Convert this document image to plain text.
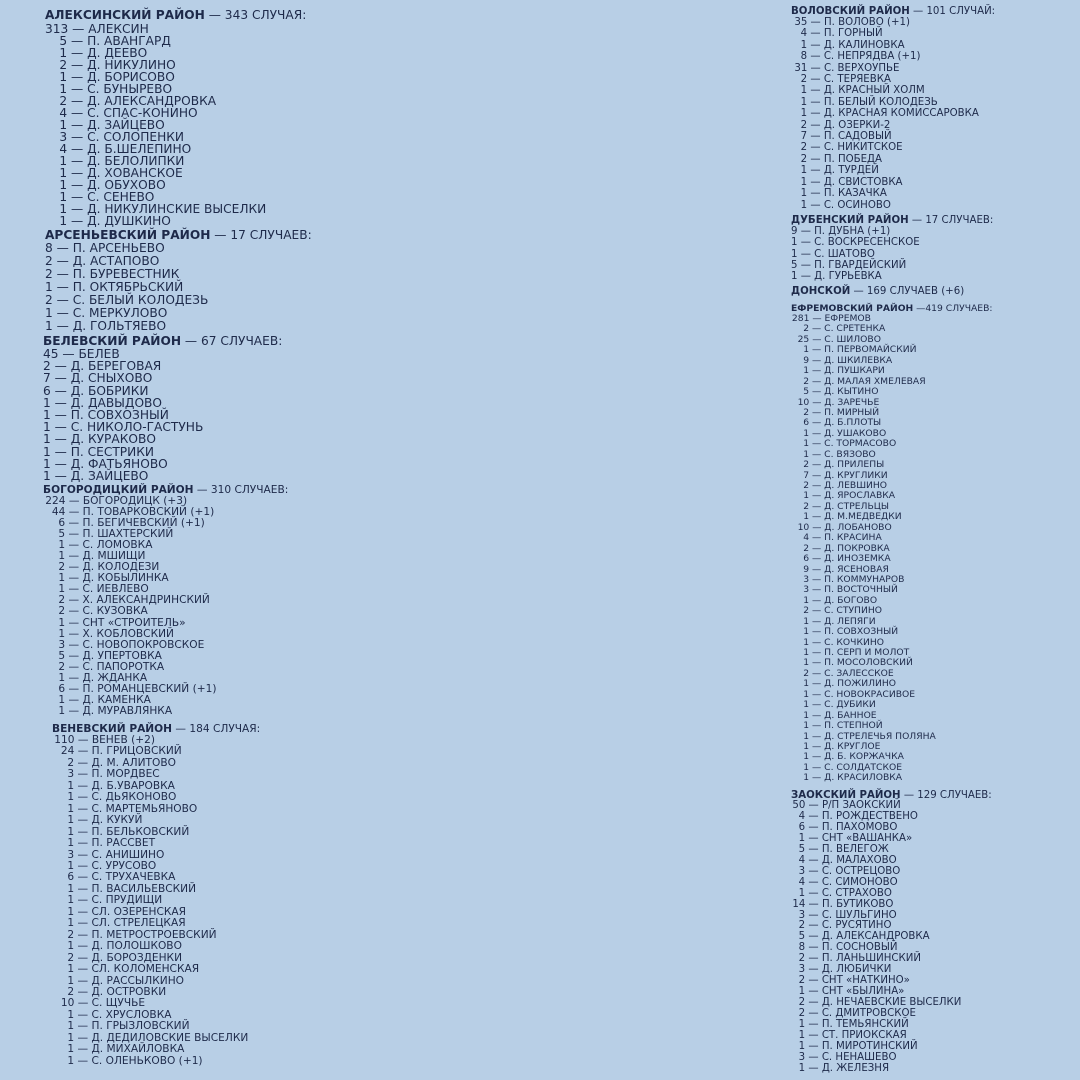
АЛЕКСИНСКИЙ РАЙОН — 343 СЛУЧАЯ:
313 — АЛЕКСИН
5 — П. АВАНГАРД
1 — Д. ДЕЕВО
2 — Д. НИКУЛИНО
1 — Д. БОРИСОВО
1 — С. БУНЫРЕВО
2 — Д. АЛЕКСАНДРОВКА
4 — С. СПАС-КОНИНО
1 — Д. ЗАЙЦЕВО
3 — С. СОЛОПЕНКИ
4 — Д. Б.ШЕЛЕПИНО
1 — Д. БЕЛОЛИПКИ
1 — Д. ХОВАНСКОЕ
1 — Д. ОБУХОВО
1 — С. СЕНЕВО
1 — Д. НИКУЛИНСКИЕ ВЫСЕЛКИ
1 — Д. ДУШКИНО
АРСЕНЬЕВСКИЙ РАЙОН — 17 СЛУЧАЕВ:
8 — П. АРСЕНЬЕВО
2 — Д. АСТАПОВО
2 — П. БУРЕВЕСТНИК
1 — П. ОКТЯБРЬСКИЙ
2 — С. БЕЛЫЙ КОЛОДЕЗЬ
1 — С. МЕРКУЛОВО
1 — Д. ГОЛЬТЯЕВО
БЕЛЕВСКИЙ РАЙОН — 67 СЛУЧАЕВ:
45 — БЕЛЕВ
2 — Д. БЕРЕГОВАЯ
7 — Д. СНЫХОВО
6 — Д. БОБРИКИ
1 — Д. ДАВЫДОВО
1 — П. СОВХОЗНЫЙ
1 — С. НИКОЛО-ГАСТУНЬ
1 — Д. КУРАКОВО
1 — П. СЕСТРИКИ
1 — Д. ФАТЬЯНОВО
1 — Д. ЗАЙЦЕВО
БОГОРОДИЦКИЙ РАЙОН — 310 СЛУЧАЕВ:
224 — БОГОРОДИЦК (+3)
44 — П. ТОВАРКОВСКИЙ (+1)
6 — П. БЕГИЧЕВСКИЙ (+1)
5 — П. ШАХТЕРСКИЙ
1 — С. ЛОМОВКА
1 — Д. МШИЩИ
2 — Д. КОЛОДЕЗИ
1 — Д. КОБЫЛИНКА
1 — С. ИЕВЛЕВО
2 — Х. АЛЕКСАНДРИНСКИЙ
2 — С. КУЗОВКА
1 — СНТ «СТРОИТЕЛЬ»
1 — Х. КОБЛОВСКИЙ
3 — С. НОВОПОКРОВСКОЕ
5 — Д. УПЕРТОВКА
2 — С. ПАПОРОТКА
1 — Д. ЖДАНКА
6 — П. РОМАНЦЕВСКИЙ (+1)
1 — Д. КАМЕНКА
1 — Д. МУРАВЛЯНКА
ВЕНЕВСКИЙ РАЙОН — 184 СЛУЧАЯ:
110 — ВЕНЕВ (+2)
24 — П. ГРИЦОВСКИЙ
2 — Д. М. АЛИТОВО
3 — П. МОРДВЕС
1 — Д. Б.УВАРОВКА
1 — С. ДЬЯКОНОВО
1 — С. МАРТЕМЬЯНОВО
1 — Д. КУКУЙ
1 — П. БЕЛЬКОВСКИЙ
1 — П. РАССВЕТ
3 — С. АНИШИНО
1 — С. УРУСОВО
6 — С. ТРУХАЧЕВКА
1 — П. ВАСИЛЬЕВСКИЙ
1 — С. ПРУДИЩИ
1 — СЛ. ОЗЕРЕНСКАЯ
1 — СЛ. СТРЕЛЕЦКАЯ
2 — П. МЕТРОСТРОЕВСКИЙ
1 — Д. ПОЛОШКОВО
2 — Д. БОРОЗДЕНКИ
1 — СЛ. КОЛОМЕНСКАЯ
1 — Д. РАССЫЛКИНО
2 — Д. ОСТРОВКИ
10 — С. ЩУЧЬЕ
1 — С. ХРУСЛОВКА
1 — П. ГРЫЗЛОВСКИЙ
1 — Д. ДЕДИЛОВСКИЕ ВЫСЕЛКИ
1 — Д. МИХАЙЛОВКА
1 — С. ОЛЕНЬКОВО (+1)
ВОЛОВСКИЙ РАЙОН — 101 СЛУЧАЙ:
35 — П. ВОЛОВО (+1)
4 — П. ГОРНЫЙ
1 — Д. КАЛИНОВКА
8 — С. НЕПРЯДВА (+1)
31 — С. ВЕРХОУПЬЕ
2 — С. ТЕРЯЕВКА
1 — Д. КРАСНЫЙ ХОЛМ
1 — П. БЕЛЫЙ КОЛОДЕЗЬ
1 — Д. КРАСНАЯ КОМИССАРОВКА
2 — Д. ОЗЕРКИ-2
7 — П. САДОВЫЙ
2 — С. НИКИТСКОЕ
2 — П. ПОБЕДА
1 — Д. ТУРДЕЙ
1 — Д. СВИСТОВКА
1 — П. КАЗАЧКА
1 — С. ОСИНОВО
ДУБЕНСКИЙ РАЙОН — 17 СЛУЧАЕВ:
9 — П. ДУБНА (+1)
1 — С. ВОСКРЕСЕНСКОЕ
1 — С. ШАТОВО
5 — П. ГВАРДЕЙСКИЙ
1 — Д. ГУРЬЕВКА
ДОНСКОЙ — 169 СЛУЧАЕВ (+6)
ЕФРЕМОВСКИЙ РАЙОН —419 СЛУЧАЕВ:
281 — ЕФРЕМОВ
2 — С. СРЕТЕНКА
25 — С. ШИЛОВО
1 — П. ПЕРВОМАЙСКИЙ
9 — Д. ШКИЛЕВКА
1 — Д. ПУШКАРИ
2 — Д. МАЛАЯ ХМЕЛЕВАЯ
5 — Д. КЫТИНО
10 — Д. ЗАРЕЧЬЕ
2 — П. МИРНЫЙ
6 — Д. Б.ПЛОТЫ
1 — Д. УШАКОВО
1 — С. ТОРМАСОВО
1 — С. ВЯЗОВО
2 — Д. ПРИЛЕПЫ
7 — Д. КРУГЛИКИ
2 — Д. ЛЕВШИНО
1 — Д. ЯРОСЛАВКА
2 — Д. СТРЕЛЬЦЫ
1 — Д. М.МЕДВЕДКИ
10 — Д. ЛОБАНОВО
4 — П. КРАСИНА
2 — Д. ПОКРОВКА
6 — Д. ИНОЗЕМКА
9 — Д. ЯСЕНОВАЯ
3 — П. КОММУНАРОВ
3 — П. ВОСТОЧНЫЙ
1 — Д. БОГОВО
2 — С. СТУПИНО
1 — Д. ЛЕПЯГИ
1 — П. СОВХОЗНЫЙ
1 — С. КОЧКИНО
1 — П. СЕРП И МОЛОТ
1 — П. МОСОЛОВСКИЙ
2 — С. ЗАЛЕССКОЕ
1 — Д. ПОЖИЛИНО
1 — С. НОВОКРАСИВОЕ
1 — С. ДУБИКИ
1 — Д. БАННОЕ
1 — П. СТЕПНОЙ
1 — Д. СТРЕЛЕЧЬЯ ПОЛЯНА
1 — Д. КРУГЛОЕ
1 — Д. Б. КОРЖАЧКА
1 — С. СОЛДАТСКОЕ
1 — Д. КРАСИЛОВКА
ЗАОКСКИЙ РАЙОН — 129 СЛУЧАЕВ:
50 — Р/П ЗАОКСКИЙ
4 — П. РОЖДЕСТВЕНО
6 — П. ПАХОМОВО
1 — СНТ «ВАШАНКА»
5 — П. ВЕЛЕГОЖ
4 — Д. МАЛАХОВО
3 — С. ОСТРЕЦОВО
4 — С. СИМОНОВО
1 — С. СТРАХОВО
14 — П. БУТИКОВО
3 — С. ШУЛЬГИНО
2 — С. РУСЯТИНО
5 — Д. АЛЕКСАНДРОВКА
8 — П. СОСНОВЫЙ
2 — П. ЛАНЬШИНСКИЙ
3 — Д. ЛЮБИЧКИ
2 — СНТ «НАТКИНО»
1 — СНТ «БЫЛИНА»
2 — Д. НЕЧАЕВСКИЕ ВЫСЕЛКИ
2 — С. ДМИТРОВСКОЕ
1 — П. ТЕМЬЯНСКИЙ
1 — СТ. ПРИОКСКАЯ
1 — П. МИРОТИНСКИЙ
3 — С. НЕНАШЕВО
1 — Д. ЖЕЛЕЗНЯ
